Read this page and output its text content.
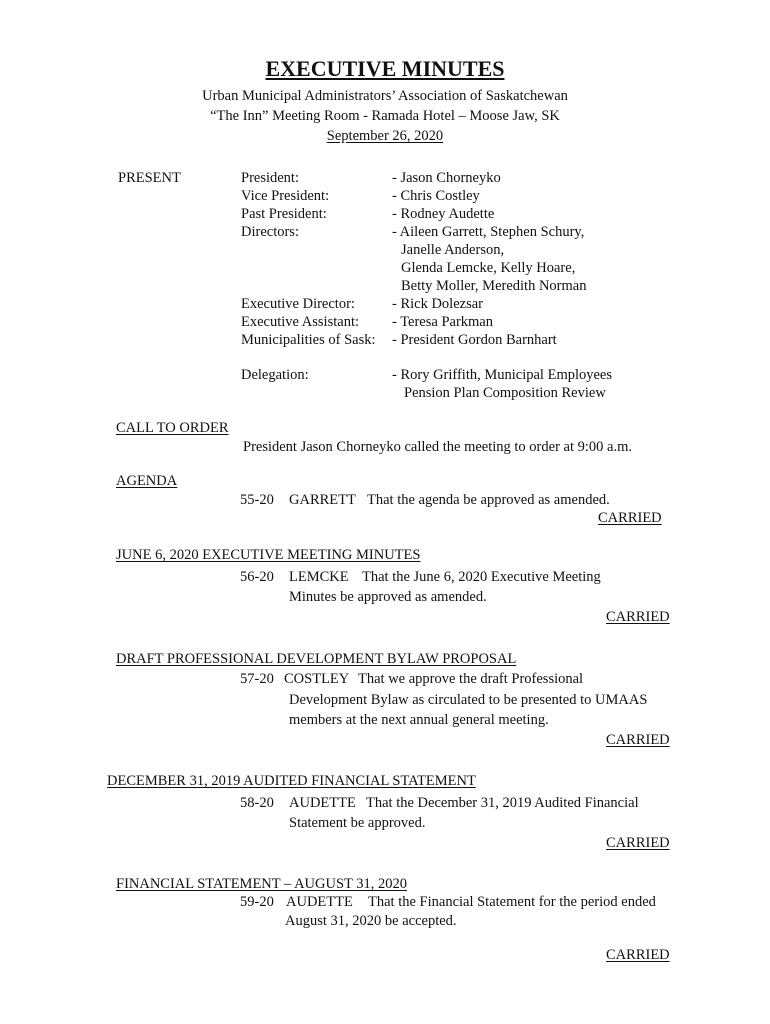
EXECUTIVE MINUTES
Urban Municipal Administrators’ Association of Saskatchewan
“The Inn” Meeting Room - Ramada Hotel – Moose Jaw, SK
September 26, 2020
PRESENT	President:	- Jason Chorneyko
Vice President:	- Chris Costley
Past President:	- Rodney Audette
Directors:	- Aileen Garrett, Stephen Schury,
Janelle Anderson,
Glenda Lemcke, Kelly Hoare,
Betty Moller, Meredith Norman
Executive Director:	- Rick Dolezsar
Executive Assistant: - Teresa Parkman
Municipalities of Sask: - President Gordon Barnhart
Delegation:	- Rory Griffith, Municipal Employees
Pension Plan Composition Review
CALL TO ORDER
President Jason Chorneyko called the meeting to order at 9:00 a.m.
AGENDA
55-20 GARRETT That the agenda be approved as amended.
CARRIED
JUNE 6, 2020 EXECUTIVE MEETING MINUTES
56-20 LEMCKE That the June 6, 2020 Executive Meeting
Minutes be approved as amended.
CARRIED
DRAFT PROFESSIONAL DEVELOPMENT BYLAW PROPOSAL
57-20 COSTLEY That we approve the draft Professional
Development Bylaw as circulated to be presented to UMAAS
members at the next annual general meeting.
CARRIED
DECEMBER 31, 2019 AUDITED FINANCIAL STATEMENT
58-20 AUDETTE That the December 31, 2019 Audited Financial
Statement be approved.
CARRIED
FINANCIAL STATEMENT – AUGUST 31, 2020
59-20 AUDETTE That the Financial Statement for the period ended
August 31, 2020 be accepted.
CARRIED
